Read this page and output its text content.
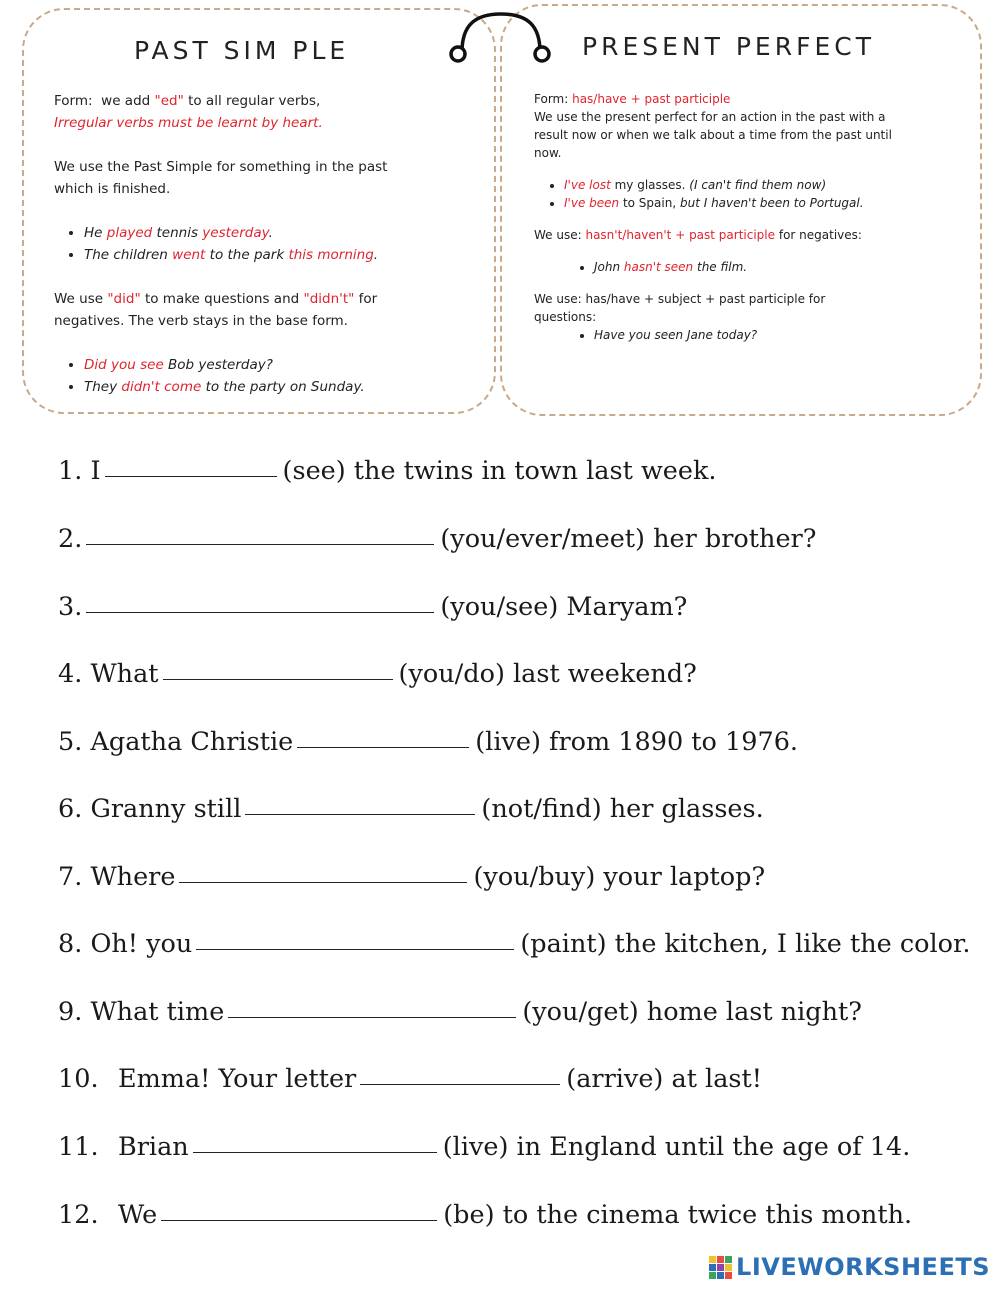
PAST SIM PLE

Form: we add "ed" to all regular verbs,

Irregular verbs must be learnt by heart.

We use the Past Simple for something in the past

which is finished.

• He played tennis yesterday.
• The children went to the park this morning.

We use "did" to make questions and "didn't" for

negatives. The verb stays in the base form.

• Did you see Bob yesterday?
• They didn't come to the party on Sunday.
PRESENT PERFECT

Form: has/have + past participle

We use the present perfect for an action in the past with a

result now or when we talk about a time from the past until

now.

• I've lost my glasses. (I can't find them now)
• I've been to Spain, but I haven't been to Portugal.

We use: hasn't/haven't + past participle for negatives:

• John hasn't seen the film.

We use: has/have + subject + past participle for

questions:

• Have you seen Jane today?
1. I	(see) the twins in town last week.
2.	(you/ever/meet) her brother?
3.	(you/see) Maryam?
4. What	(you/do) last weekend?
5. Agatha Christie	(live) from 1890 to 1976.
6. Granny still	(not/find) her glasses.
7. Where	(you/buy) your laptop?
8. Oh! you	(paint) the kitchen, I like the color.
9. What time	(you/get) home last night?
10. Emma! Your letter	(arrive) at last!
11. Brian	(live) in England until the age of 14.
12. We	(be) to the cinema twice this month.
LIVEWORKSHEETS
